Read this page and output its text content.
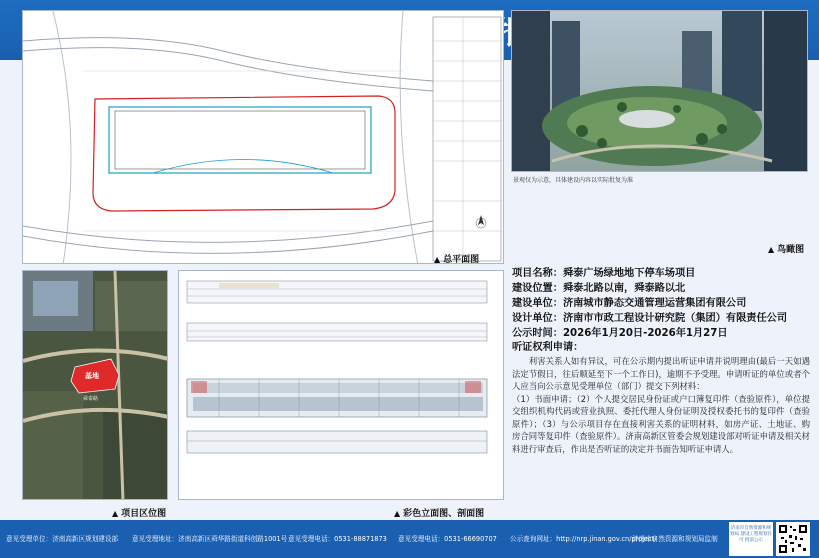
▲ 总平面图
基地
舜泰路
▲ 项目区位图	▲ 彩色立面图、剖面图
景观仅为示意，具体建设内容以实际批复为准
▲ 鸟瞰图
项目名称：舜泰广场绿地地下停车场项目
建设位置：舜泰北路以南，舜泰路以北
建设单位：济南城市静态交通管理运营集团有限公司
设计单位：济南市市政工程设计研究院（集团）有限责任公司
公示时间：2026年1月20日-2026年1月27日
听证权利申请：
利害关系人如有异议，可在公示期内提出听证申请并说明理由(最后一天如遇法定节假日，往后顺延至下一个工作日)，逾期不予受理。申请听证的单位或者个人应当向公示意见受理单位（部门）提交下列材料：
（1）书面申请；（2）个人提交居民身份证或户口簿复印件（查验原件），单位提交组织机构代码或营业执照、委托代理人身份证明及授权委托书的复印件（查验原件）；（3）与公示项目存在直接利害关系的证明材料，如房产证、土地证、购房合同等复印件（查验原件）。济南高新区管委会规划建设部对听证申请及相关材料进行审查后，作出是否听证的决定并书面告知听证申请人。
意见受理单位：济南高新区规划建设部 意见受理地址：济南高新区舜华路街道科创路1001号 意见受理电话：0531-88871873 意见受理电话：0531-66690707 公示查询网址：http://nrp.jinan.gov.cn/project/
济南市自然资源和规划局监制
济南市自然资源和规划局 建设工程规划许可 批前公示
